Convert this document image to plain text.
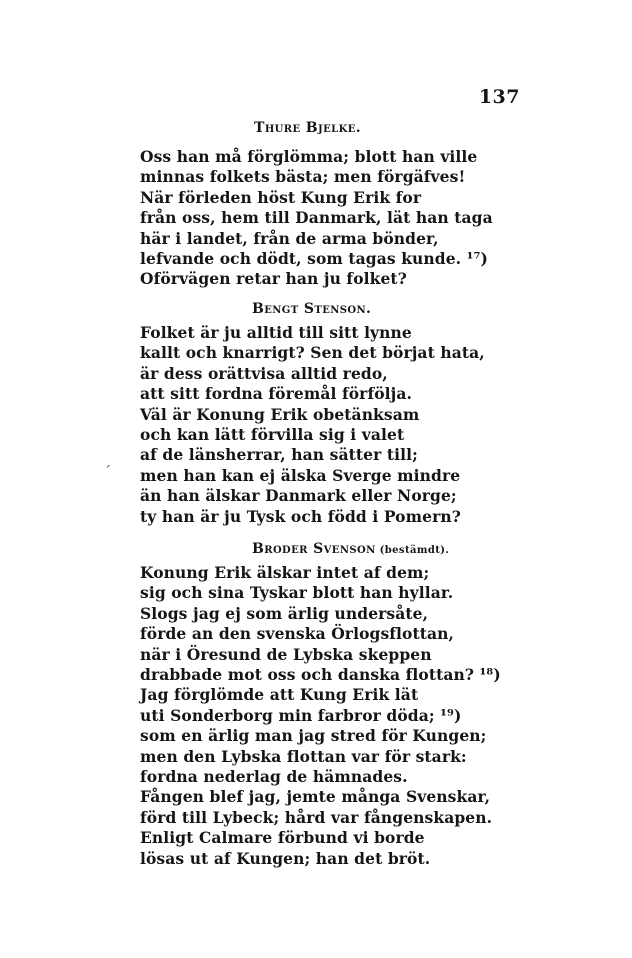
137
Thure Bjelke.
Oss han må förglömma; blott han ville
minnas folkets bästa; men förgäfves!
När förleden höst Kung Erik for
från oss, hem till Danmark, lät han taga
här i landet, från de arma bönder,
lefvande och dödt, som tagas kunde. ¹⁷)
Oförvägen retar han ju folket?
Bengt Stenson.
Folket är ju alltid till sitt lynne
kallt och knarrigt? Sen det börjat hata,
är dess orättvisa alltid redo,
att sitt fordna föremål förfölja.
Väl är Konung Erik obetänksam
och kan lätt förvilla sig i valet
af de länsherrar, han sätter till;
men han kan ej älska Sverge mindre
än han älskar Danmark eller Norge;
ty han är ju Tysk och född i Pomern?
´
Broder Svenson (bestämdt).
Konung Erik älskar intet af dem;
sig och sina Tyskar blott han hyllar.
Slogs jag ej som ärlig undersåte,
förde an den svenska Örlogsflottan,
när i Öresund de Lybska skeppen
drabbade mot oss och danska flottan? ¹⁸)
Jag förglömde att Kung Erik lät
uti Sonderborg min farbror döda; ¹⁹)
som en ärlig man jag stred för Kungen;
men den Lybska flottan var för stark:
fordna nederlag de hämnades.
Fången blef jag, jemte många Svenskar,
förd till Lybeck; hård var fångenskapen.
Enligt Calmare förbund vi borde
lösas ut af Kungen; han det bröt.
